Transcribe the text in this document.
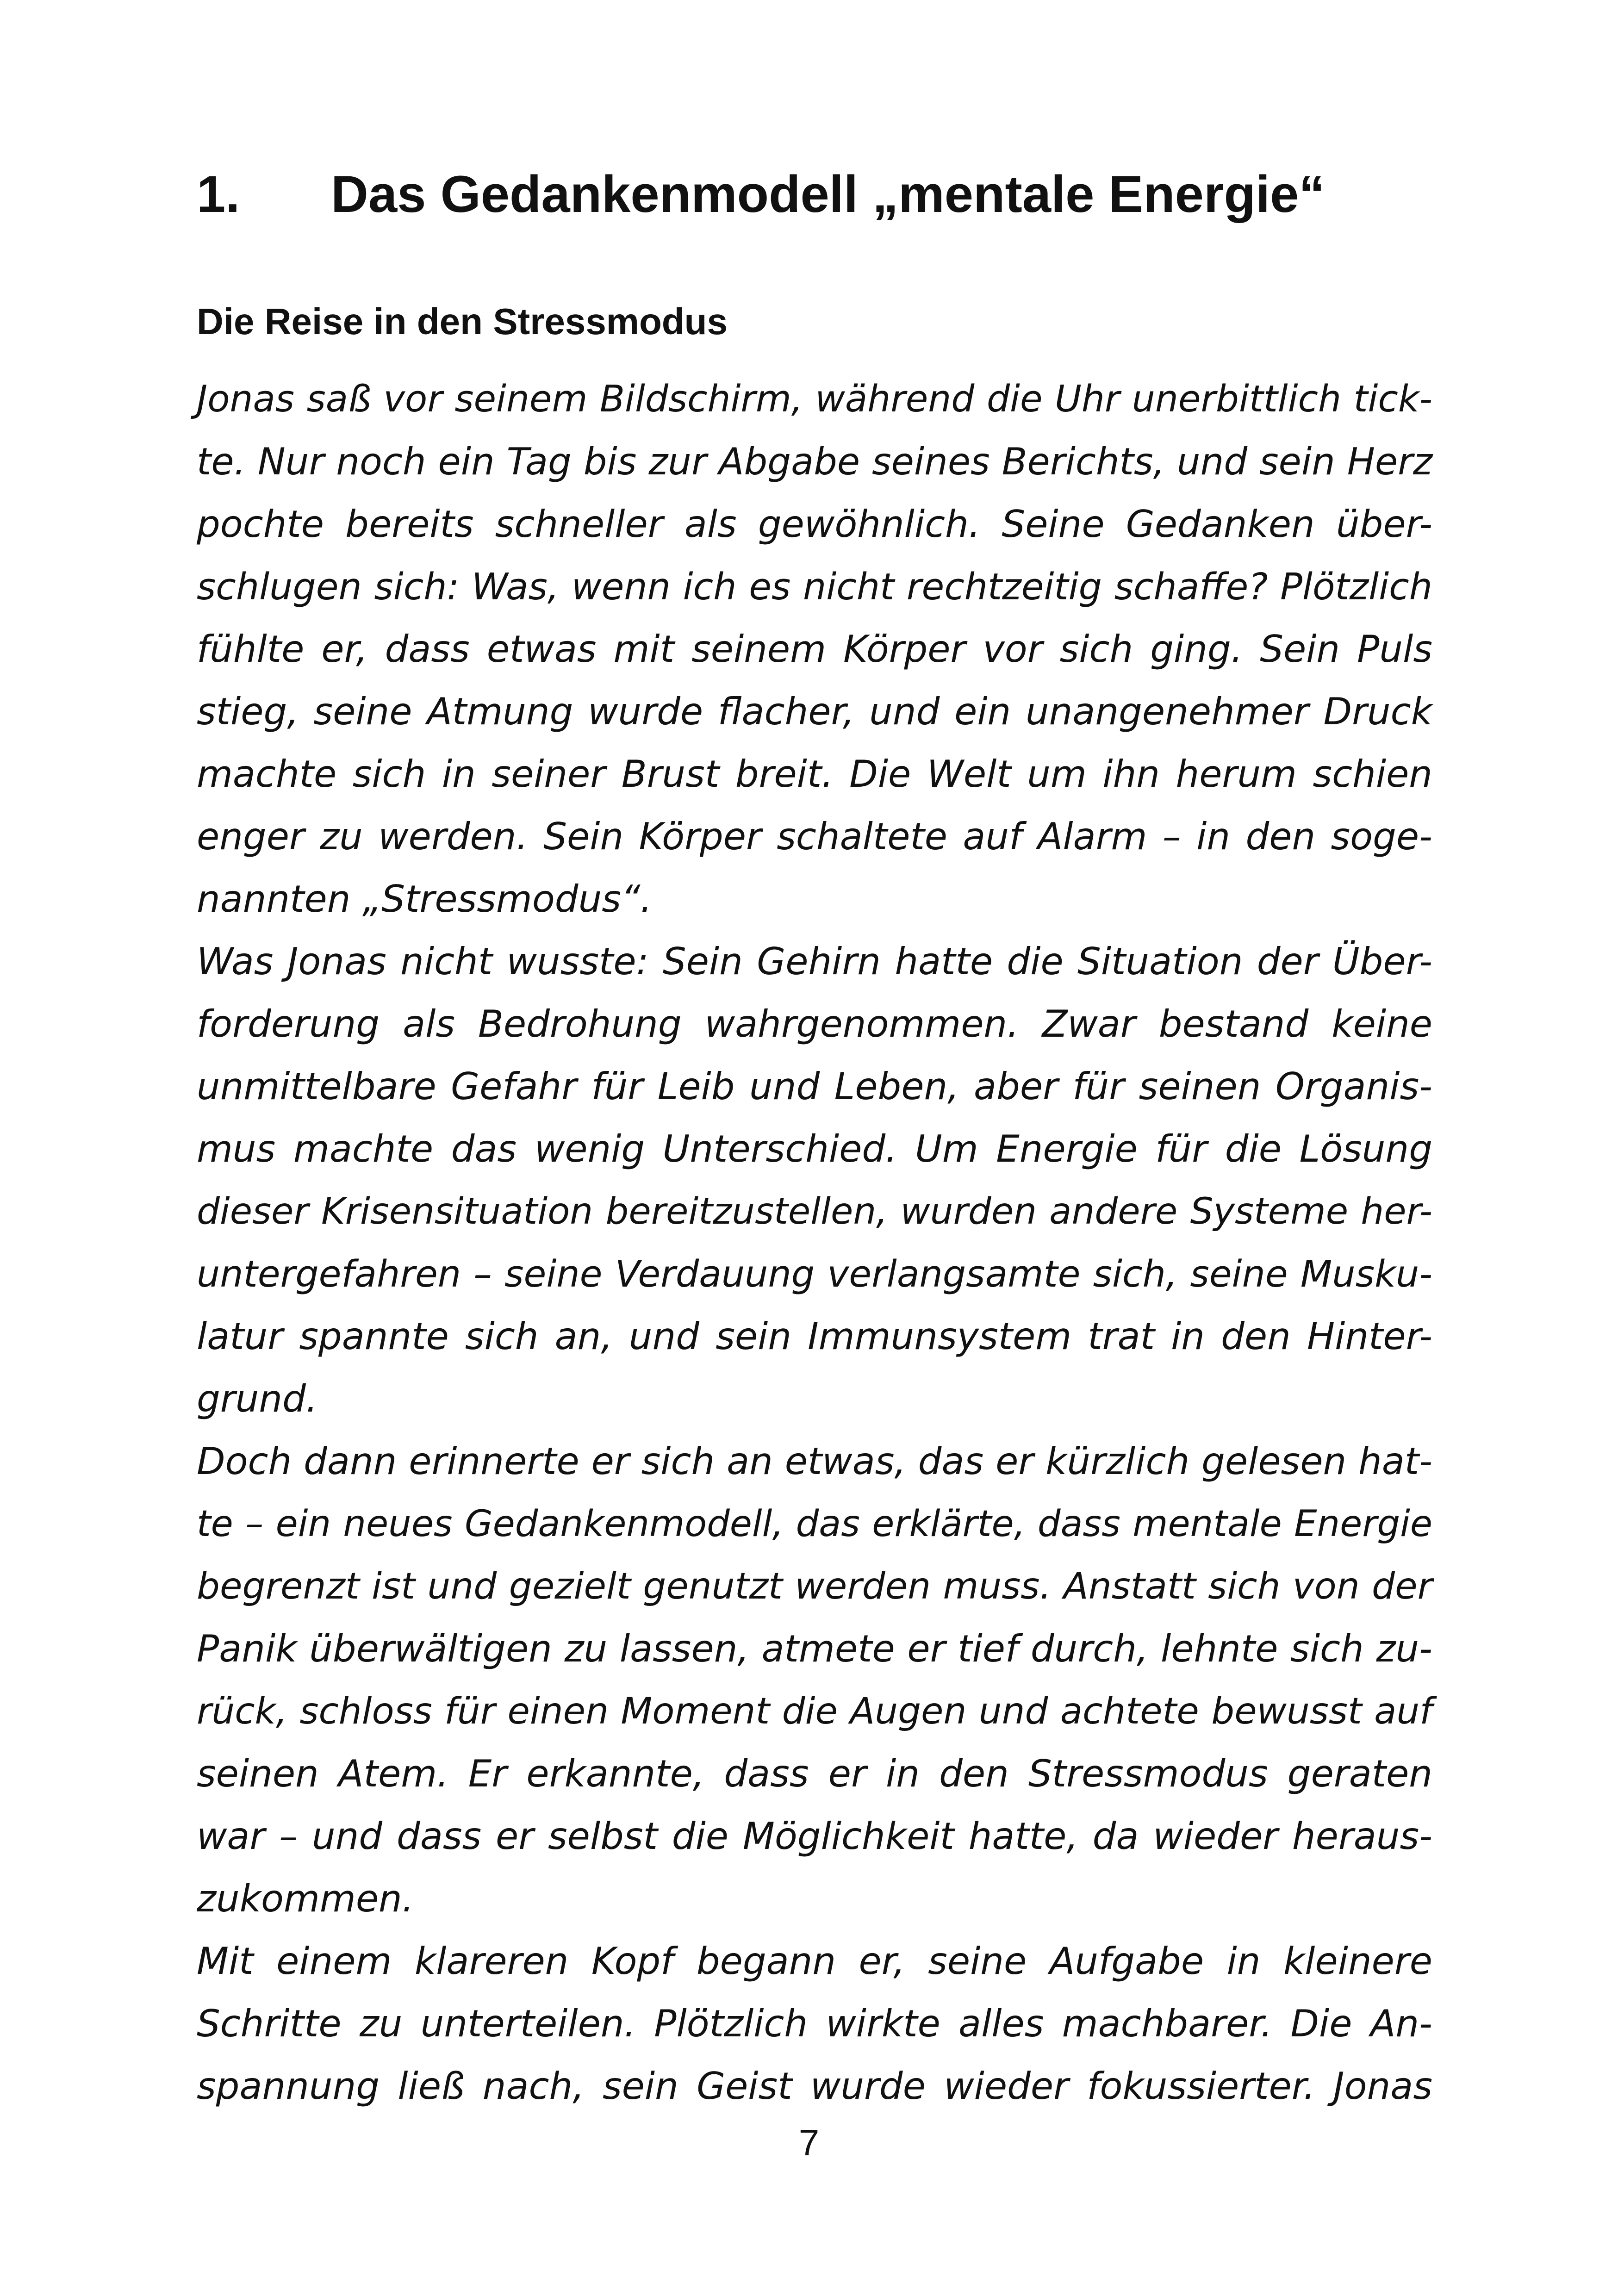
1. Das Gedankenmodell „mentale Energie“
Die Reise in den Stressmodus
Jonas saß vor seinem Bildschirm, während die Uhr unerbittlich tick-
te. Nur noch ein Tag bis zur Abgabe seines Berichts, und sein Herz
pochte bereits schneller als gewöhnlich. Seine Gedanken über-
schlugen sich: Was, wenn ich es nicht rechtzeitig schaffe? Plötzlich
fühlte er, dass etwas mit seinem Körper vor sich ging. Sein Puls
stieg, seine Atmung wurde flacher, und ein unangenehmer Druck
machte sich in seiner Brust breit. Die Welt um ihn herum schien
enger zu werden. Sein Körper schaltete auf Alarm – in den soge-
nannten „Stressmodus“.
Was Jonas nicht wusste: Sein Gehirn hatte die Situation der Über-
forderung als Bedrohung wahrgenommen. Zwar bestand keine
unmittelbare Gefahr für Leib und Leben, aber für seinen Organis-
mus machte das wenig Unterschied. Um Energie für die Lösung
dieser Krisensituation bereitzustellen, wurden andere Systeme her-
untergefahren – seine Verdauung verlangsamte sich, seine Musku-
latur spannte sich an, und sein Immunsystem trat in den Hinter-
grund.
Doch dann erinnerte er sich an etwas, das er kürzlich gelesen hat-
te – ein neues Gedankenmodell, das erklärte, dass mentale Energie
begrenzt ist und gezielt genutzt werden muss. Anstatt sich von der
Panik überwältigen zu lassen, atmete er tief durch, lehnte sich zu-
rück, schloss für einen Moment die Augen und achtete bewusst auf
seinen Atem. Er erkannte, dass er in den Stressmodus geraten
war – und dass er selbst die Möglichkeit hatte, da wieder heraus-
zukommen.
Mit einem klareren Kopf begann er, seine Aufgabe in kleinere
Schritte zu unterteilen. Plötzlich wirkte alles machbarer. Die An-
spannung ließ nach, sein Geist wurde wieder fokussierter. Jonas
7
